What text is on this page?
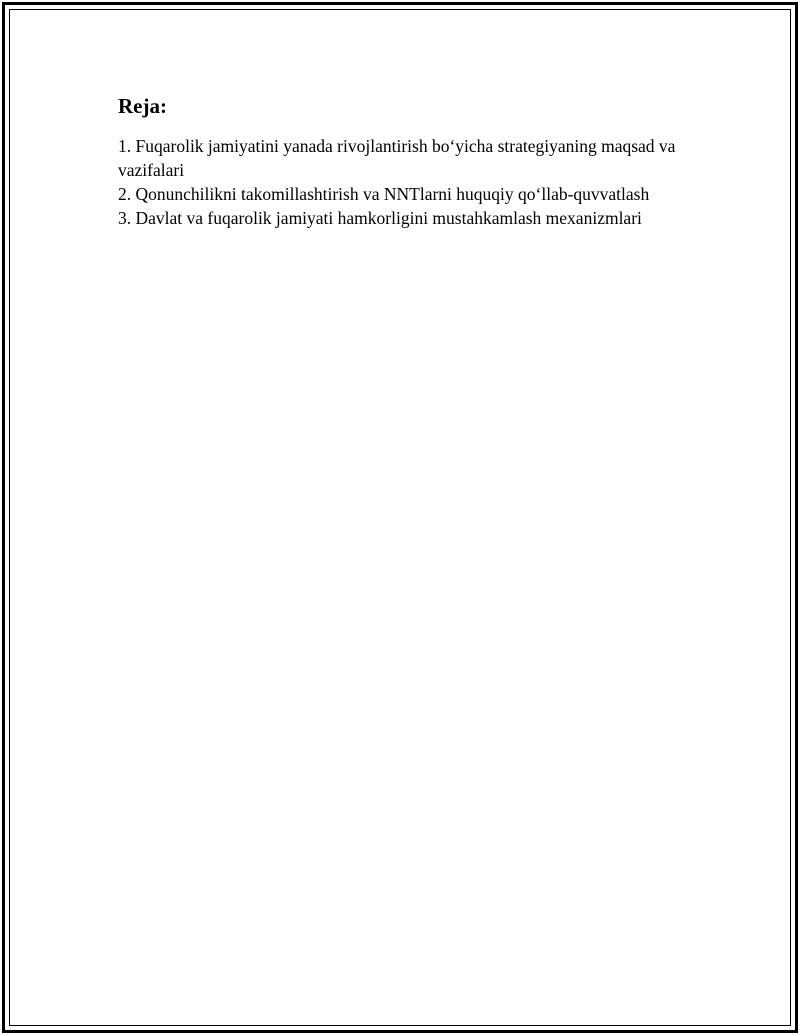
Reja:
1. Fuqarolik jamiyatini yanada rivojlantirish bo‘yicha strategiyaning maqsad va vazifalari
2. Qonunchilikni takomillashtirish va NNTlarni huquqiy qo‘llab-quvvatlash
3. Davlat va fuqarolik jamiyati hamkorligini mustahkamlash mexanizmlari
